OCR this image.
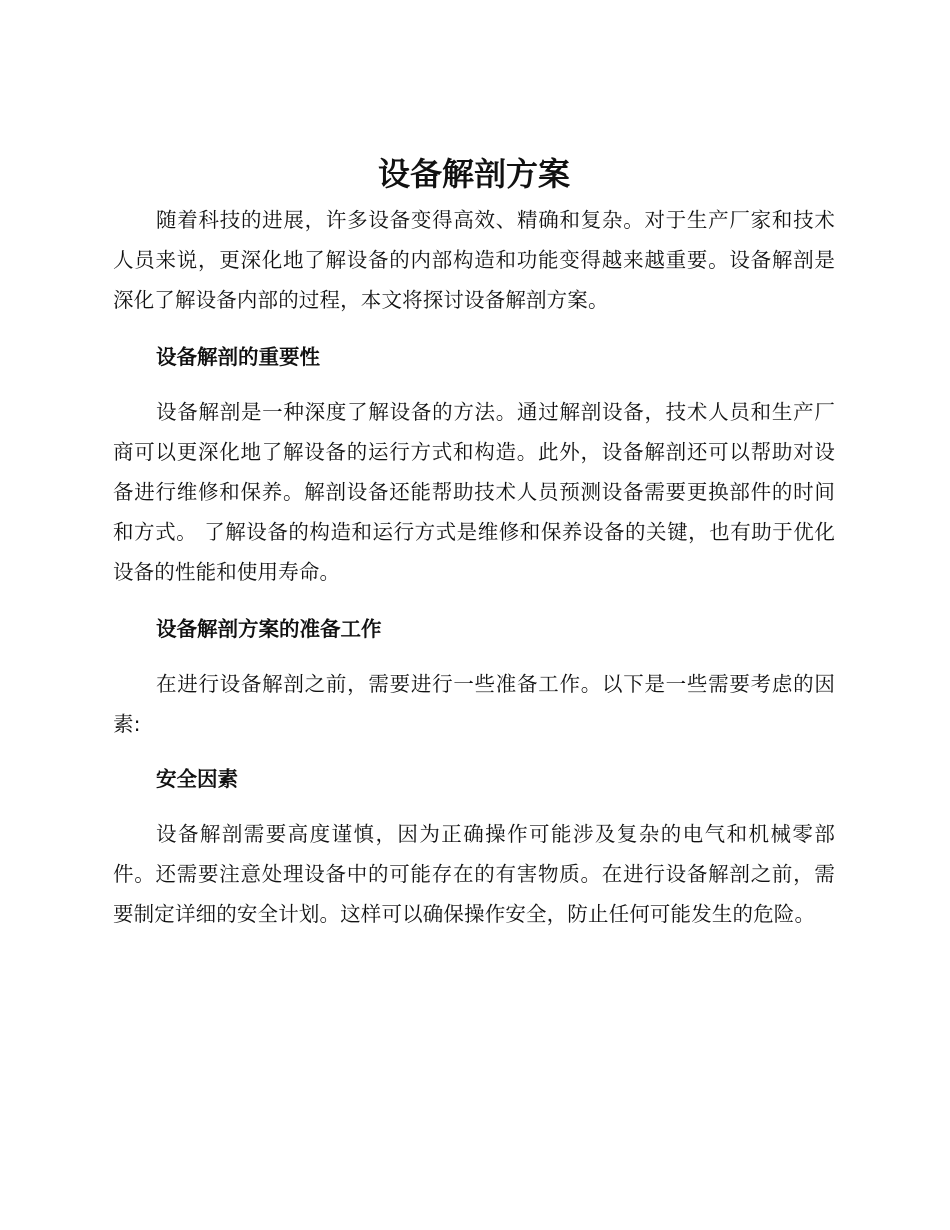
设备解剖方案

随着科技的进展，许多设备变得高效、精确和复杂。对于生产厂家和技术人员来说，更深化地了解设备的内部构造和功能变得越来越重要。设备解剖是深化了解设备内部的过程，本文将探讨设备解剖方案。

设备解剖的重要性

设备解剖是一种深度了解设备的方法。通过解剖设备，技术人员和生产厂商可以更深化地了解设备的运行方式和构造。此外，设备解剖还可以帮助对设备进行维修和保养。解剖设备还能帮助技术人员预测设备需要更换部件的时间和方式。 了解设备的构造和运行方式是维修和保养设备的关键，也有助于优化设备的性能和使用寿命。

设备解剖方案的准备工作

在进行设备解剖之前，需要进行一些准备工作。以下是一些需要考虑的因素:

安全因素

设备解剖需要高度谨慎，因为正确操作可能涉及复杂的电气和机械零部件。还需要注意处理设备中的可能存在的有害物质。在进行设备解剖之前，需要制定详细的安全计划。这样可以确保操作安全，防止任何可能发生的危险。
